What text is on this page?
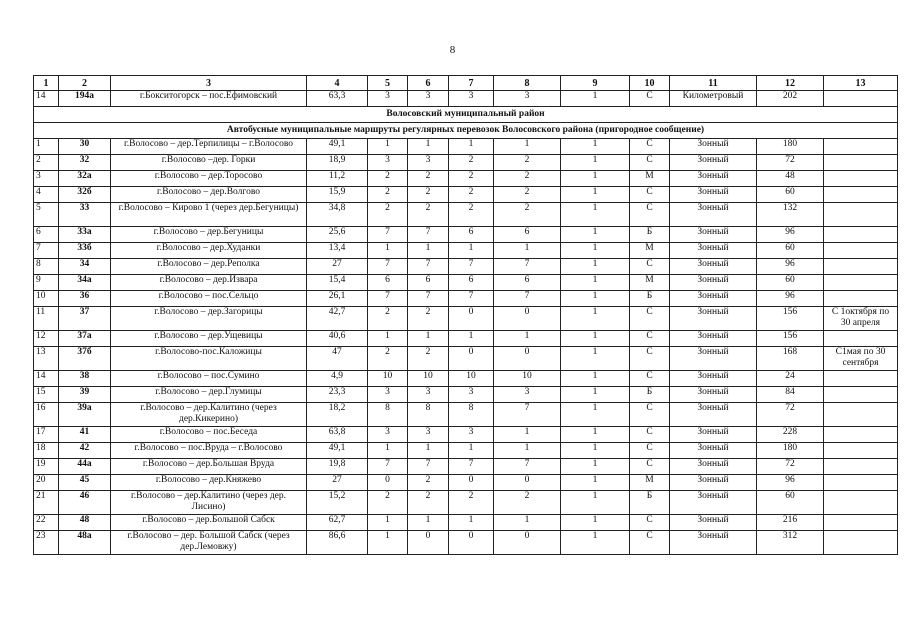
8
1	2	3	4	5	6	7	8	9	10	11	12	13
14	194а	г.Бокситогорск – пос.Ефимовский	63,3	3	3	3	3	1	С	Километровый	202	
Волосовский муниципальный район												
Автобусные муниципальные маршруты регулярных перевозок Волосовского района (пригородное сообщение)												
1	30	г.Волосово – дер.Терпилицы – г.Волосово	49,1	1	1	1	1	1	С	Зонный	180	
2	32	г.Волосово –дер. Горки	18,9	3	3	2	2	1	С	Зонный	72	
3	32а	г.Волосово – дер.Торосово	11,2	2	2	2	2	1	М	Зонный	48	
4	32б	г.Волосово – дер.Волгово	15,9	2	2	2	2	1	С	Зонный	60	
5	33	г.Волосово – Кирово 1 (через дер.Бегуницы)	34,8	2	2	2	2	1	С	Зонный	132	
6	33а	г.Волосово – дер.Бегуницы	25,6	7	7	6	6	1	Б	Зонный	96	
7	33б	г.Волосово – дер.Худанки	13,4	1	1	1	1	1	М	Зонный	60	
8	34	г.Волосово – дер.Реполка	27	7	7	7	7	1	С	Зонный	96	
9	34а	г.Волосово – дер.Извара	15,4	6	6	6	6	1	М	Зонный	60	
10	36	г.Волосово – пос.Сельцо	26,1	7	7	7	7	1	Б	Зонный	96	
11	37	г.Волосово – дер.Загорицы	42,7	2	2	0	0	1	С	Зонный	156	С 1октября по 30 апреля
12	37а	г.Волосово – дер.Ущевицы	40,6	1	1	1	1	1	С	Зонный	156	
13	37б	г.Волосово-пос.Каложицы	47	2	2	0	0	1	С	Зонный	168	С1мая по 30 сентября
14	38	г.Волосово – пос.Сумино	4,9	10	10	10	10	1	С	Зонный	24	
15	39	г.Волосово – дер.Глумицы	23,3	3	3	3	3	1	Б	Зонный	84	
16	39а	г.Волосово – дер.Калитино (через дер.Кикерино)	18,2	8	8	8	7	1	С	Зонный	72	
17	41	г.Волосово – пос.Беседа	63,8	3	3	3	1	1	С	Зонный	228	
18	42	г.Волосово – пос.Вруда – г.Волосово	49,1	1	1	1	1	1	С	Зонный	180	
19	44а	г.Волосово – дер.Большая Вруда	19,8	7	7	7	7	1	С	Зонный	72	
20	45	г.Волосово – дер.Княжево	27	0	2	0	0	1	М	Зонный	96	
21	46	г.Волосово – дер.Калитино (через дер. Лисино)	15,2	2	2	2	2	1	Б	Зонный	60	
22	48	г.Волосово – дер.Большой Сабск	62,7	1	1	1	1	1	С	Зонный	216	
23	48а	г.Волосово – дер. Большой Сабск (через дер.Лемовжу)	86,6	1	0	0	0	1	С	Зонный	312	
